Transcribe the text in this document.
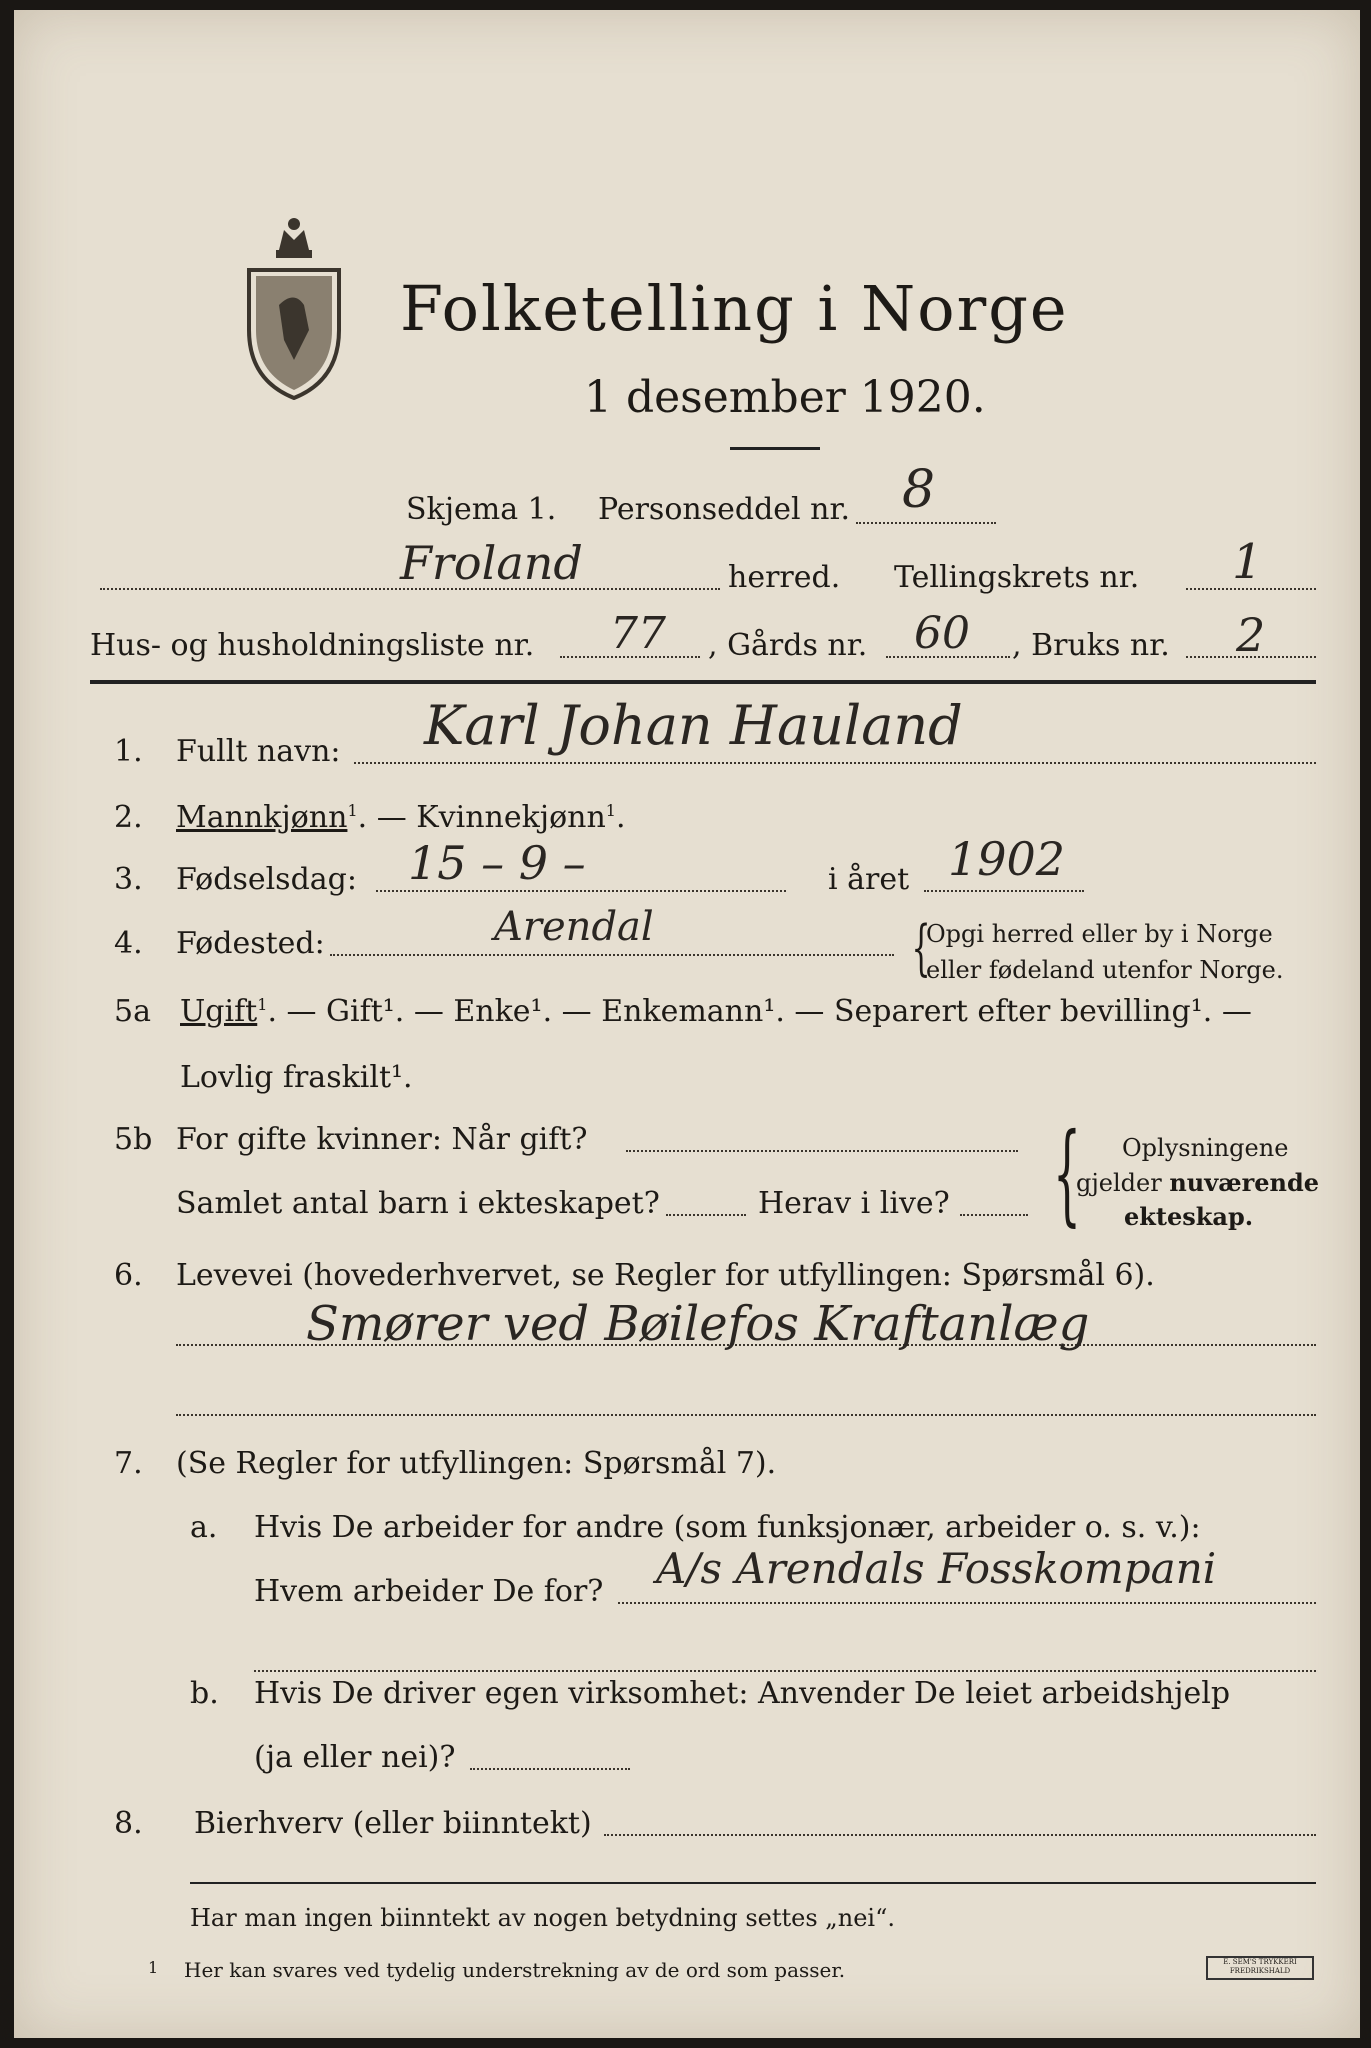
Folketelling i Norge
1 desember 1920.
Skjema 1. Personseddel nr. 8
Froland	herred. Tellingskrets nr. 1
Hus- og husholdningsliste nr. 77 , Gårds nr. 60 , Bruks nr. 2
1. Fullt navn: Karl Johan Hauland
2. Mannkjønn$^1$. — Kvinnekjønn$^1$.
3. Fødselsdag: 15 – 9 –	i året 1902
4. Fødested:	Arendal	{
Opgi herred eller by i Norge
eller fødeland utenfor Norge.
5a Ugift$^1$. — Gift¹. — Enke¹. — Enkemann¹. — Separert efter bevilling¹. —
Lovlig fraskilt¹.
5b For gifte kvinner: Når gift?
Samlet antal barn i ekteskapet?	Herav i live? { Oplysningene
gjelder nuværende
ekteskap.
6. Levevei (hovederhvervet, se Regler for utfyllingen: Spørsmål 6).
Smører ved Bøilefos Kraftanlæg
7. (Se Regler for utfyllingen: Spørsmål 7).
a. Hvis De arbeider for andre (som funksjonær, arbeider o. s. v.):
Hvem arbeider De for? A/s Arendals Fosskompani
b. Hvis De driver egen virksomhet: Anvender De leiet arbeidshjelp
(ja eller nei)?
8. Bierhverv (eller biinntekt)
Har man ingen biinntekt av nogen betydning settes „nei“.
1 Her kan svares ved tydelig understrekning av de ord som passer.	E. SEM'S TRYKKERI FREDRIKSHALD
